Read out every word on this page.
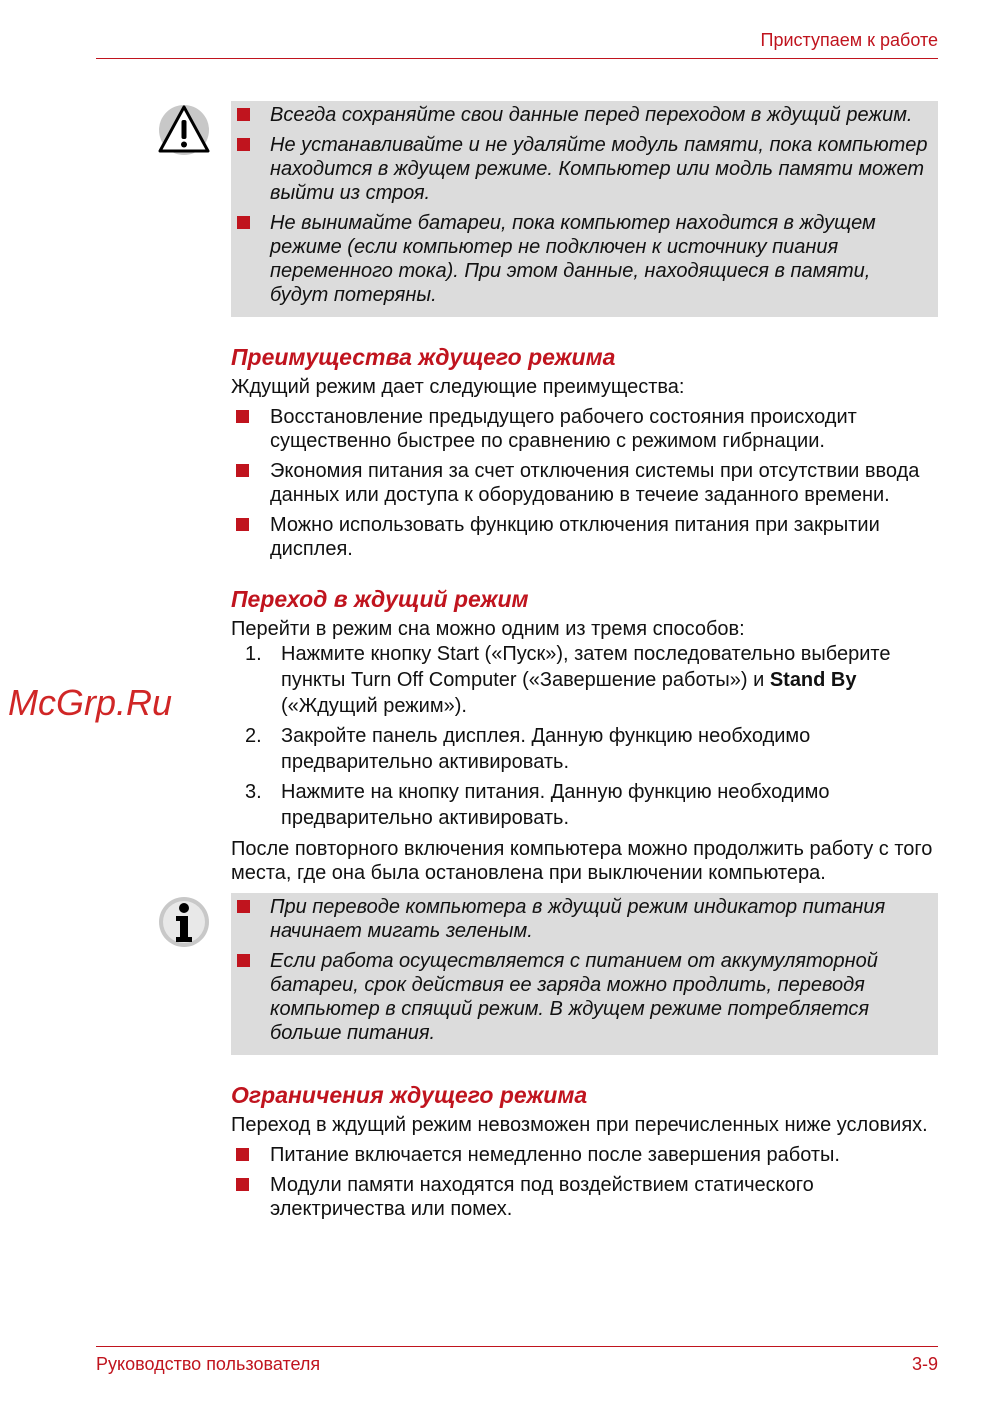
Приступаем к работе
Всегда сохраняйте свои данные перед переходом в ждущий режим.
Не устанавливайте и не удаляйте модуль памяти, пока компьютер находится в ждущем режиме. Компьютер или модль памяти может выйти из строя.
Не вынимайте батареи, пока компьютер находится в ждущем режиме (если компьютер не подключен к источнику пиания переменного тока). При этом данные, находящиеся в памяти, будут потеряны.
Преимущества ждущего режима

Ждущий режим дает следующие преимущества:

Восстановление предыдущего рабочего состояния происходит существенно быстрее по сравнению с режимом гибрнации.
Экономия питания за счет отключения системы при отсутствии ввода данных или доступа к оборудованию в течеие заданного времени.
Можно использовать функцию отключения питания при закрытии дисплея.
Переход в ждущий режим

Перейти в режим сна можно одним из тремя способов:

1. Нажмите кнопку Start («Пуск»), затем последовательно выберите пункты Turn Off Computer («Завершение работы») и Stand By («Ждущий режим»).
2. Закройте панель дисплея. Данную функцию необходимо предварительно активировать.
3. Нажмите на кнопку питания. Данную функцию необходимо предварительно активировать.

После повторного включения компьютера можно продолжить работу с того места, где она была остановлена при выключении компьютера.

При переводе компьютера в ждущий режим индикатор питания начинает мигать зеленым.
Если работа осуществляется с питанием от аккумуляторной батареи, срок действия ее заряда можно продлить, переводя компьютер в спящий режим. В ждущем режиме потребляется больше питания.
Ограничения ждущего режима

Переход в ждущий режим невозможен при перечисленных ниже условиях.

Питание включается немедленно после завершения работы.
Модули памяти находятся под воздействием статического электричества или помех.
McGrp.Ru
Руководство пользователя	3-9
